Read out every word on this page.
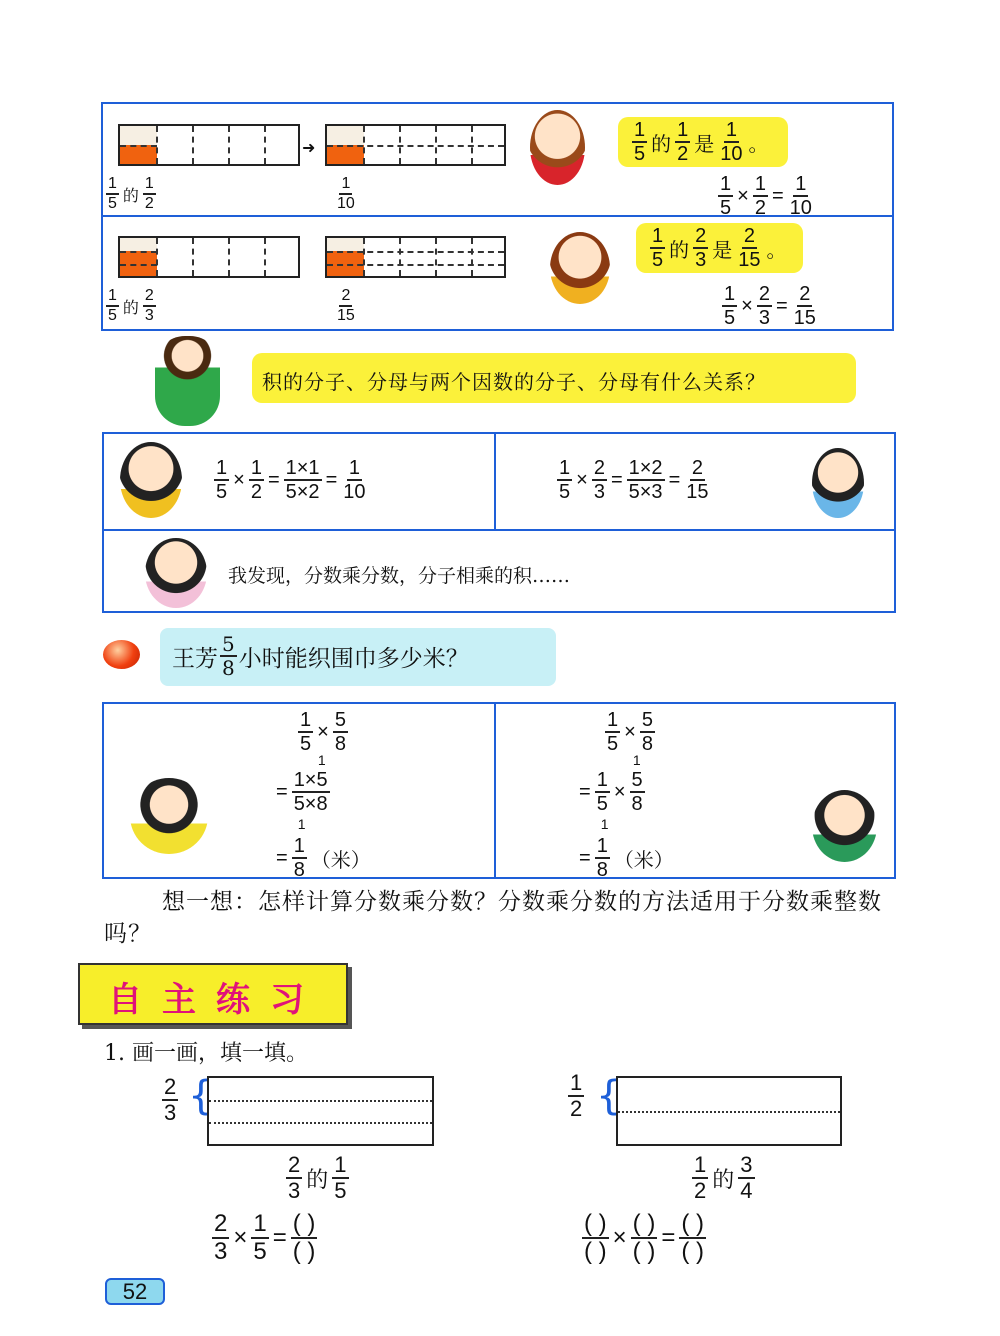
➜
$\frac{1}{5}$ 的 $\frac{1}{2}$	$\frac{1}{10}$
$\frac{1}{5}$ 的 $\frac{1}{2}$ 是 $\frac{1}{10}$ 。
$\frac{1}{5} \times \frac{1}{2} = \frac{1}{10}$
$\frac{1}{5}$ 的 $\frac{2}{3}$	$\frac{2}{15}$
$\frac{1}{5}$ 的 $\frac{2}{3}$ 是 $\frac{2}{15}$ 。
$\frac{1}{5} \times \frac{2}{3} = \frac{2}{15}$
积的分子、分母与两个因数的分子、分母有什么关系？
$\frac{1}{5} \times \frac{1}{2} = \frac{1\times 1}{5\times 2} = \frac{1}{10}$	$\frac{1}{5} \times \frac{2}{3} = \frac{1\times 2}{5\times 3} = \frac{2}{15}$
我发现，分数乘分数，分子相乘的积……
王芳 $\frac{5}{8}$ 小时能织围巾多少米？
$\frac{1}{5} \times \frac{5}{8}$
=
1×5
5×8
1
1
= $\frac{1}{8}$ （米）
$\frac{1}{5} \times \frac{5}{8}$
=
1
5
1
×
5
8
1
= $\frac{1}{8}$ （米）
想一想：怎样计算分数乘分数？分数乘分数的方法适用于分数乘整数吗？
自主练习
1. 画一画，填一填。
$\frac{2}{3}$ {
$\frac{2}{3}$ 的 $\frac{1}{5}$
$\frac{2}{3} \times \frac{1}{5}$ =
( )
( )
$\frac{1}{2}$ {
$\frac{1}{2}$ 的 $\frac{3}{4}$
( )
( )
×
( )
( )
=
( )
( )
52
